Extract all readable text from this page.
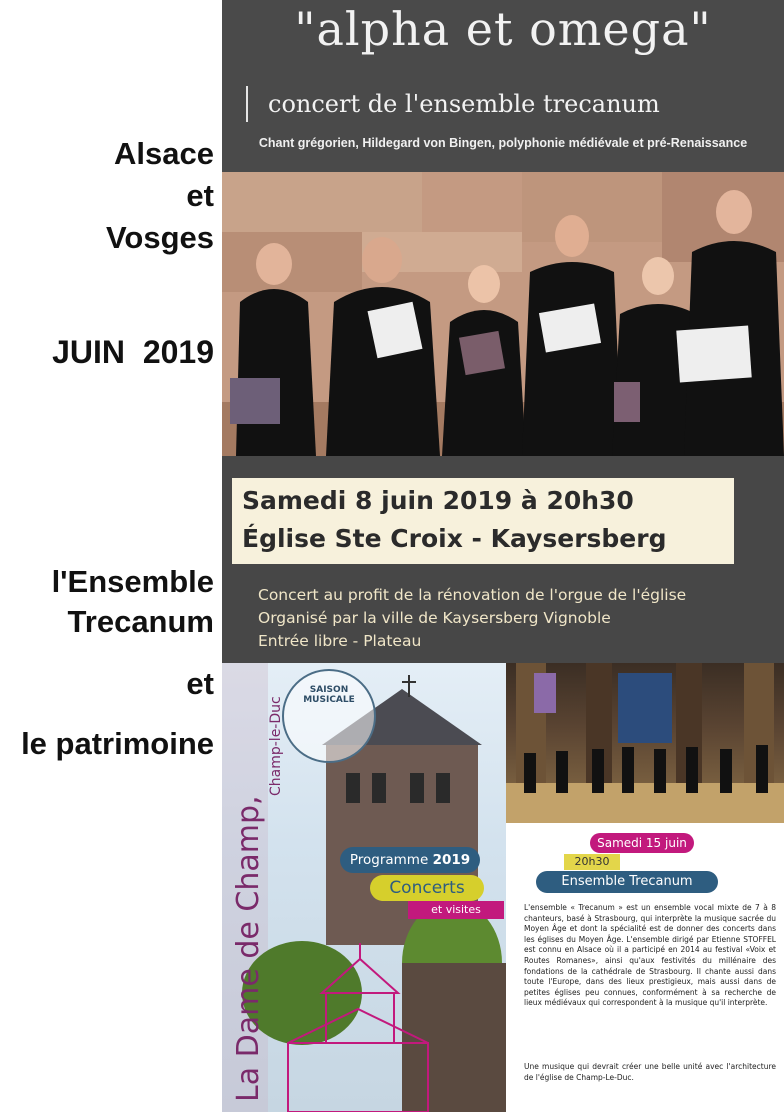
Alsace
et
Vosges
JUIN  2019
l'Ensemble
Trecanum
et
le patrimoine
"alpha et omega"
concert de l'ensemble trecanum
Chant grégorien, Hildegard von Bingen, polyphonie médiévale et pré-Renaissance
Samedi 8 juin 2019 à 20h30
Église Ste Croix - Kaysersberg
Concert au profit de la rénovation de l'orgue de l'église
Organisé par la ville de Kaysersberg Vignoble
Entrée libre - Plateau
SAISON MUSICALE
La Dame de Champ,
Champ-le-Duc
Programme 2019
Concerts
et visites
Samedi 15 juin
20h30
Ensemble Trecanum

L'ensemble « Trecanum » est un ensemble vocal mixte de 7 à 8 chanteurs, basé à Strasbourg, qui interprète la musique sacrée du Moyen Âge et dont la spécialité est de donner des concerts dans les églises du Moyen Âge. L'ensemble dirigé par Etienne STOFFEL est connu en Alsace où il a participé en 2014 au festival «Voix et Routes Romanes», ainsi qu'aux festivités du millénaire des fondations de la cathédrale de Strasbourg. Il chante aussi dans toute l'Europe, dans des lieux prestigieux, mais aussi dans de petites églises peu connues, conformément à sa recherche de lieux médiévaux qui correspondent à la musique qu'il interprète.

Une musique qui devrait créer une belle unité avec l'architecture de l'église de Champ-Le-Duc.
